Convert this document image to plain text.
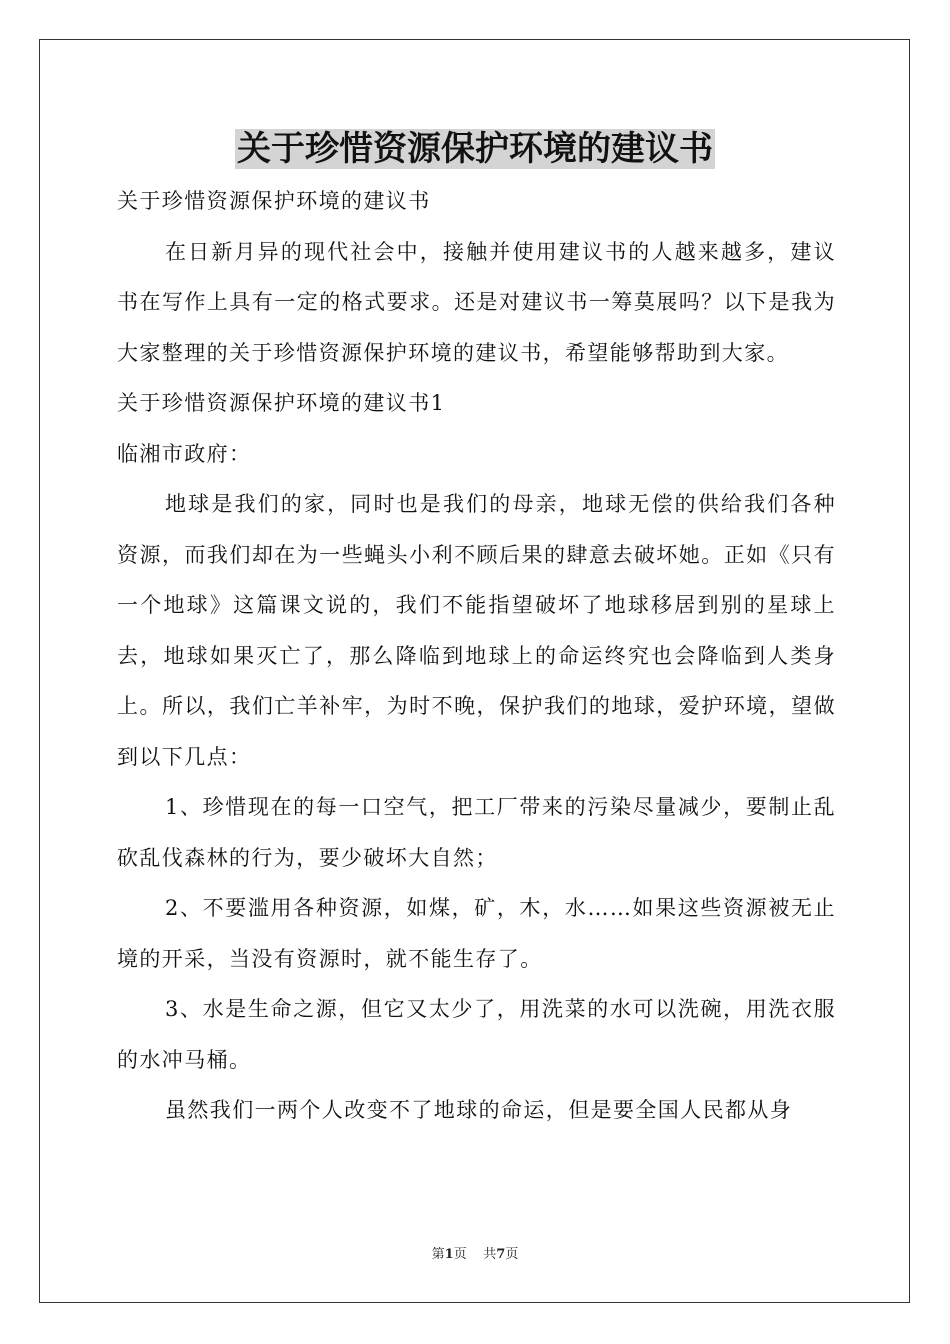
关于珍惜资源保护环境的建议书

关于珍惜资源保护环境的建议书

在日新月异的现代社会中，接触并使用建议书的人越来越多，建议书在写作上具有一定的格式要求。还是对建议书一筹莫展吗？以下是我为大家整理的关于珍惜资源保护环境的建议书，希望能够帮助到大家。

关于珍惜资源保护环境的建议书1

临湘市政府：

地球是我们的家，同时也是我们的母亲，地球无偿的供给我们各种资源，而我们却在为一些蝇头小利不顾后果的肆意去破坏她。正如《只有一个地球》这篇课文说的，我们不能指望破坏了地球移居到别的星球上去，地球如果灭亡了，那么降临到地球上的命运终究也会降临到人类身上。所以，我们亡羊补牢，为时不晚，保护我们的地球，爱护环境，望做到以下几点：

1、珍惜现在的每一口空气，把工厂带来的污染尽量减少，要制止乱砍乱伐森林的行为，要少破坏大自然；

2、不要滥用各种资源，如煤，矿，木，水……如果这些资源被无止境的开采，当没有资源时，就不能生存了。

3、水是生命之源，但它又太少了，用洗菜的水可以洗碗，用洗衣服的水冲马桶。

虽然我们一两个人改变不了地球的命运，但是要全国人民都从身

第1页 共7页
